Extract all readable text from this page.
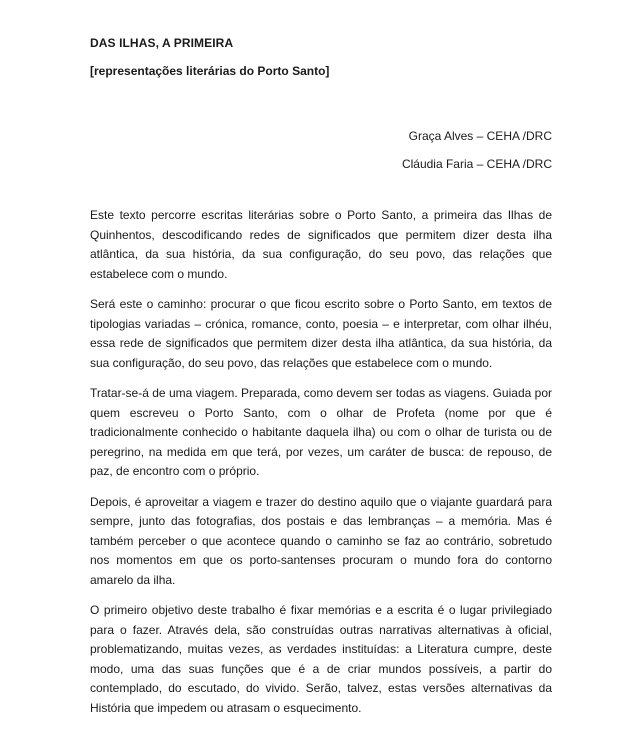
DAS ILHAS, A PRIMEIRA
[representações literárias do Porto Santo]
Graça Alves – CEHA /DRC
Cláudia Faria – CEHA /DRC

Este texto percorre escritas literárias sobre o Porto Santo, a primeira das Ilhas de Quinhentos, descodificando redes de significados que permitem dizer desta ilha atlântica, da sua história, da sua configuração, do seu povo, das relações que estabelece com o mundo.

Será este o caminho: procurar o que ficou escrito sobre o Porto Santo, em textos de tipologias variadas – crónica, romance, conto, poesia – e interpretar, com olhar ilhéu, essa rede de significados que permitem dizer desta ilha atlântica, da sua história, da sua configuração, do seu povo, das relações que estabelece com o mundo.

Tratar-se-á de uma viagem. Preparada, como devem ser todas as viagens. Guiada por quem escreveu o Porto Santo, com o olhar de Profeta (nome por que é tradicionalmente conhecido o habitante daquela ilha) ou com o olhar de turista ou de peregrino, na medida em que terá, por vezes, um caráter de busca: de repouso, de paz, de encontro com o próprio.

Depois, é aproveitar a viagem e trazer do destino aquilo que o viajante guardará para sempre, junto das fotografias, dos postais e das lembranças – a memória. Mas é também perceber o que acontece quando o caminho se faz ao contrário, sobretudo nos momentos em que os porto-santenses procuram o mundo fora do contorno amarelo da ilha.

O primeiro objetivo deste trabalho é fixar memórias e a escrita é o lugar privilegiado para o fazer. Através dela, são construídas outras narrativas alternativas à oficial, problematizando, muitas vezes, as verdades instituídas: a Literatura cumpre, deste modo, uma das suas funções que é a de criar mundos possíveis, a partir do contemplado, do escutado, do vivido. Serão, talvez, estas versões alternativas da História que impedem ou atrasam o esquecimento.
